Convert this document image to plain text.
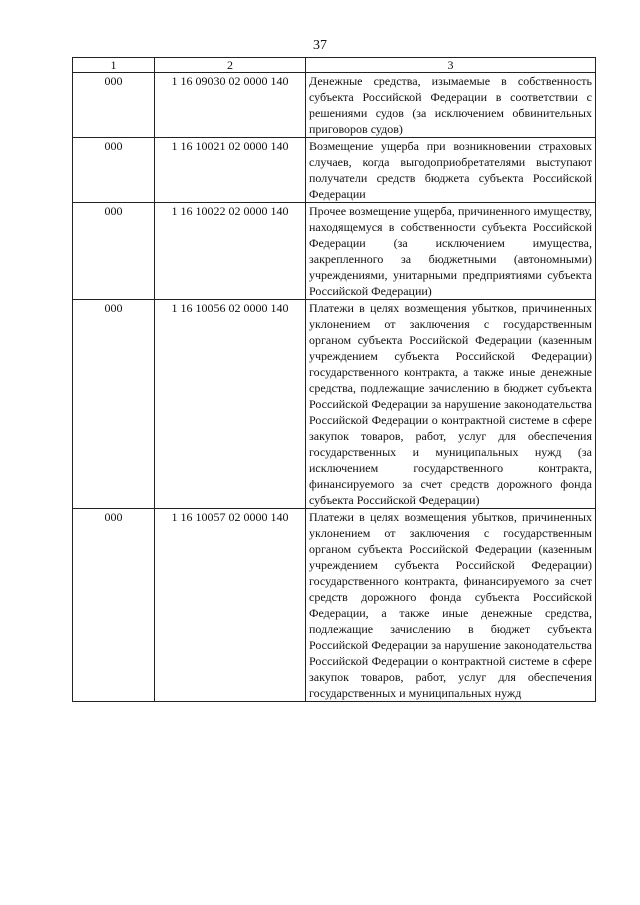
37
1	2	3
000	1 16 09030 02 0000 140	Денежные средства, изымаемые в собственность субъекта Российской Федерации в соответствии с решениями судов (за исключением обвинительных приговоров судов)
000	1 16 10021 02 0000 140	Возмещение ущерба при возникновении страховых случаев, когда выгодоприобретателями выступают получатели средств бюджета субъекта Российской Федерации
000	1 16 10022 02 0000 140	Прочее возмещение ущерба, причиненного имуществу, находящемуся в собственности субъекта Российской Федерации (за исключением имущества, закрепленного за бюджетными (автономными) учреждениями, унитарными предприятиями субъекта Российской Федерации)
000	1 16 10056 02 0000 140	Платежи в целях возмещения убытков, причиненных уклонением от заключения с государственным органом субъекта Российской Федерации (казенным учреждением субъекта Российской Федерации) государственного контракта, а также иные денежные средства, подлежащие зачислению в бюджет субъекта Российской Федерации за нарушение законодательства Российской Федерации о контрактной системе в сфере закупок товаров, работ, услуг для обеспечения государственных и муниципальных нужд (за исключением государственного контракта, финансируемого за счет средств дорожного фонда субъекта Российской Федерации)
000	1 16 10057 02 0000 140	Платежи в целях возмещения убытков, причиненных уклонением от заключения с государственным органом субъекта Российской Федерации (казенным учреждением субъекта Российской Федерации) государственного контракта, финансируемого за счет средств дорожного фонда субъекта Российской Федерации, а также иные денежные средства, подлежащие зачислению в бюджет субъекта Российской Федерации за нарушение законодательства Российской Федерации о контрактной системе в сфере закупок товаров, работ, услуг для обеспечения государственных и муниципальных нужд
